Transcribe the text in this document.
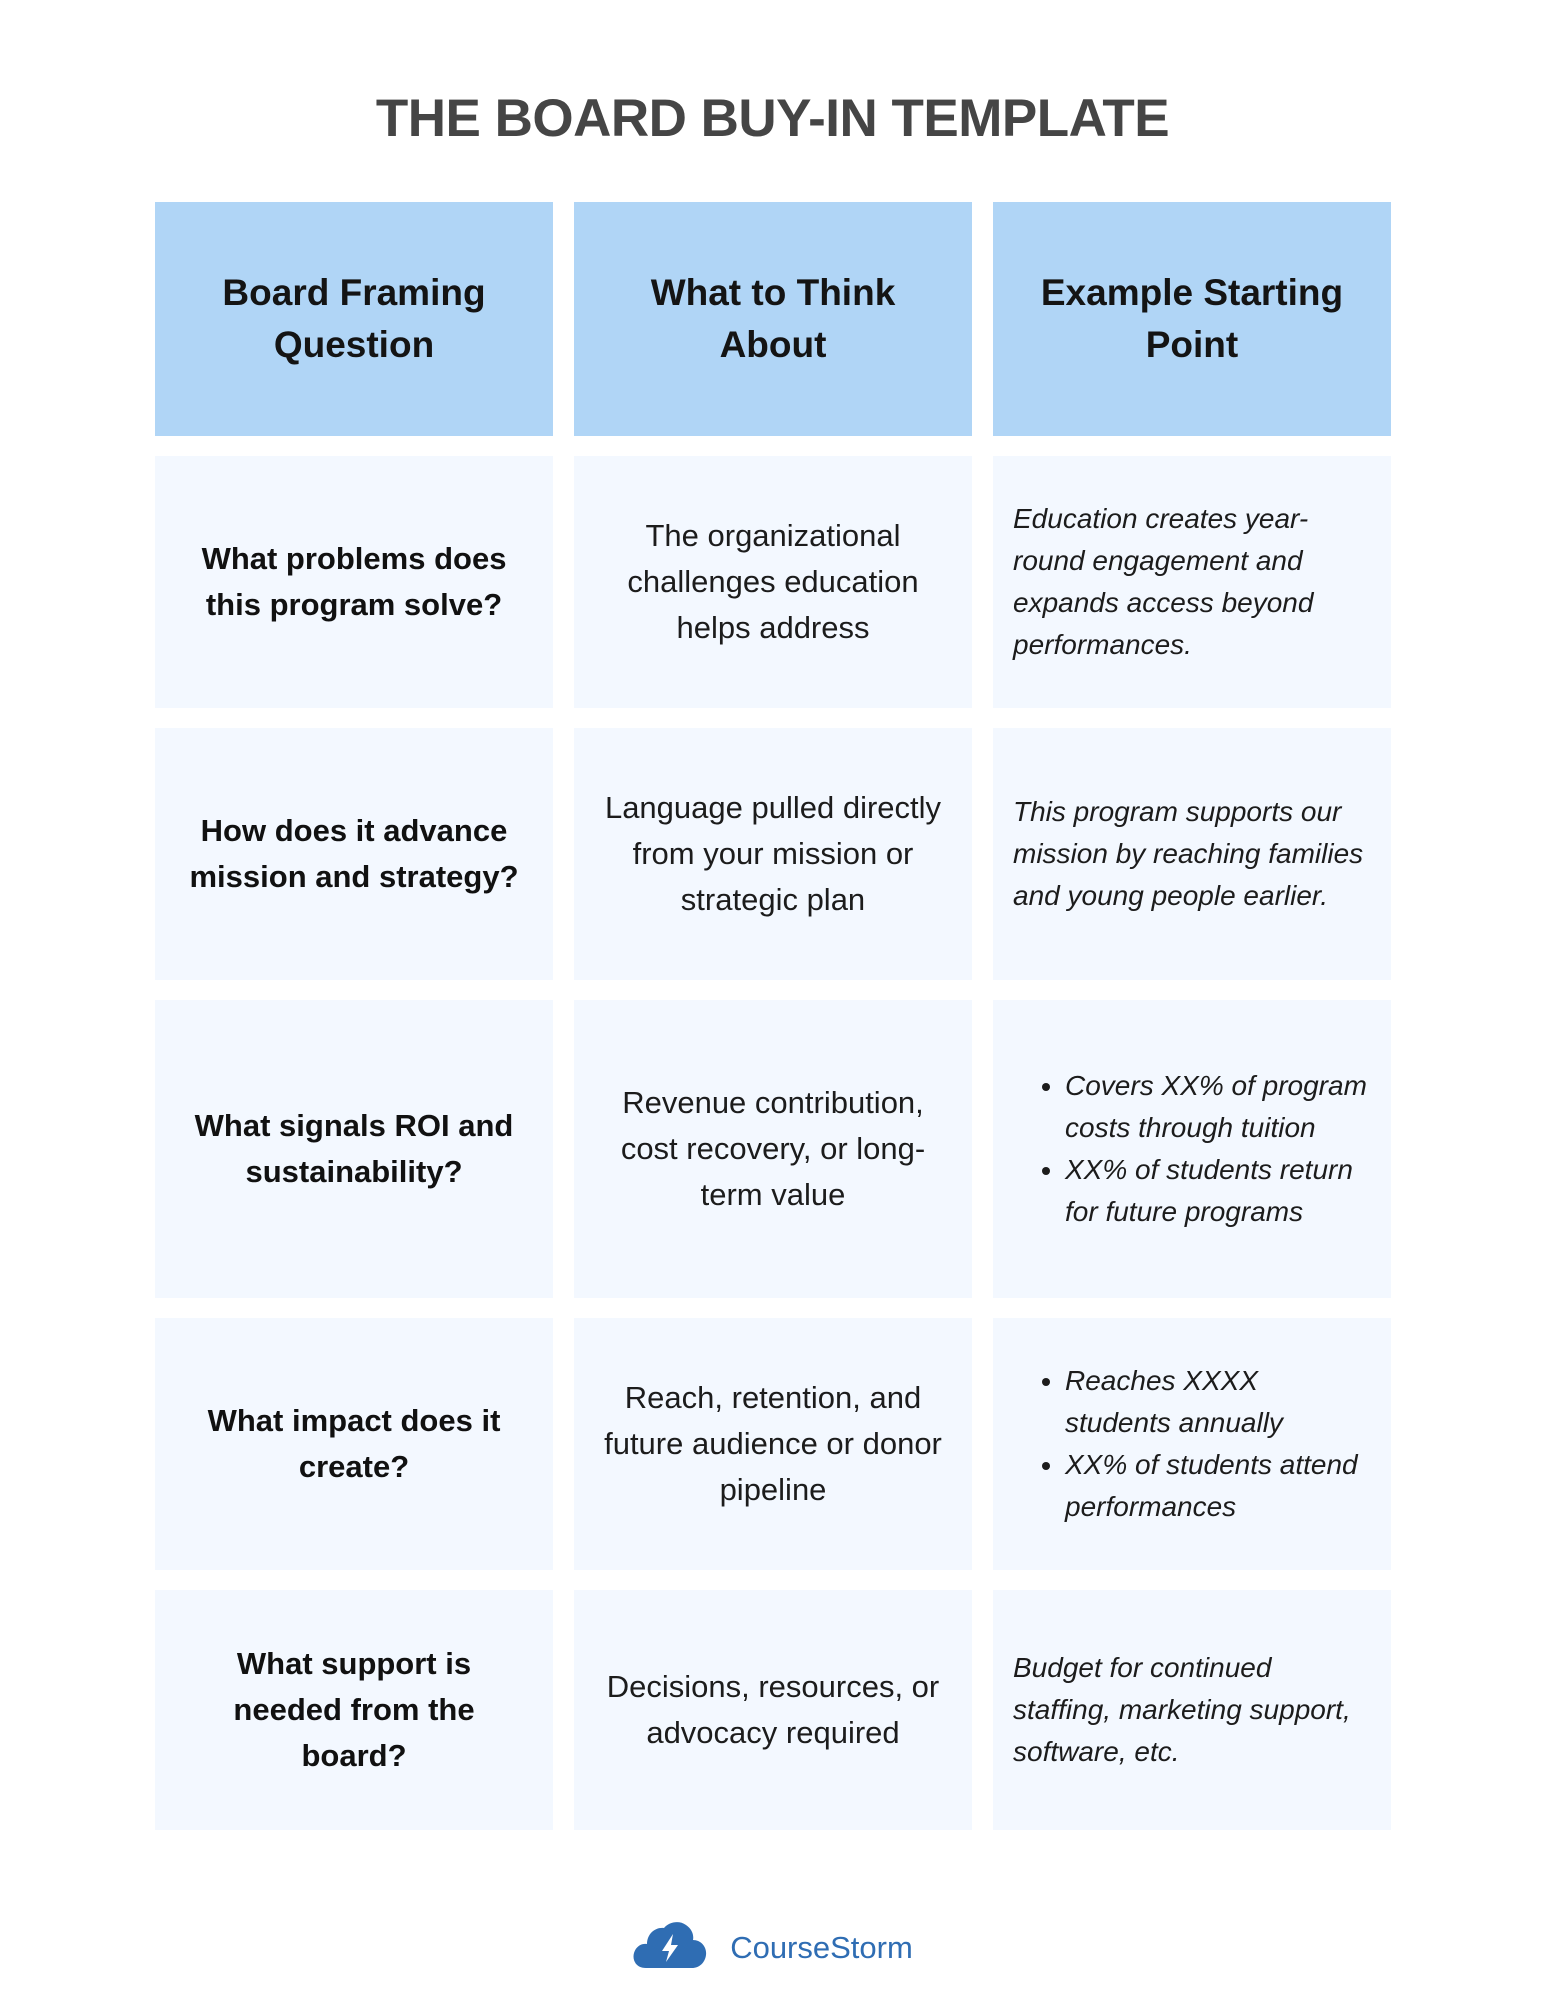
THE BOARD BUY-IN TEMPLATE
Board Framing Question
What to Think About
Example Starting Point
What problems does this program solve?
The organizational challenges education helps address
Education creates year-round engagement and expands access beyond performances.
How does it advance mission and strategy?
Language pulled directly from your mission or strategic plan
This program supports our mission by reaching families and young people earlier.
What signals ROI and sustainability?
Revenue contribution, cost recovery, or long-term value
• Covers XX% of program costs through tuition
• XX% of students return for future programs
What impact does it create?
Reach, retention, and future audience or donor pipeline
• Reaches XXXX students annually
• XX% of students attend performances
What support is needed from the board?
Decisions, resources, or advocacy required
Budget for continued staffing, marketing support, software, etc.
CourseStorm
